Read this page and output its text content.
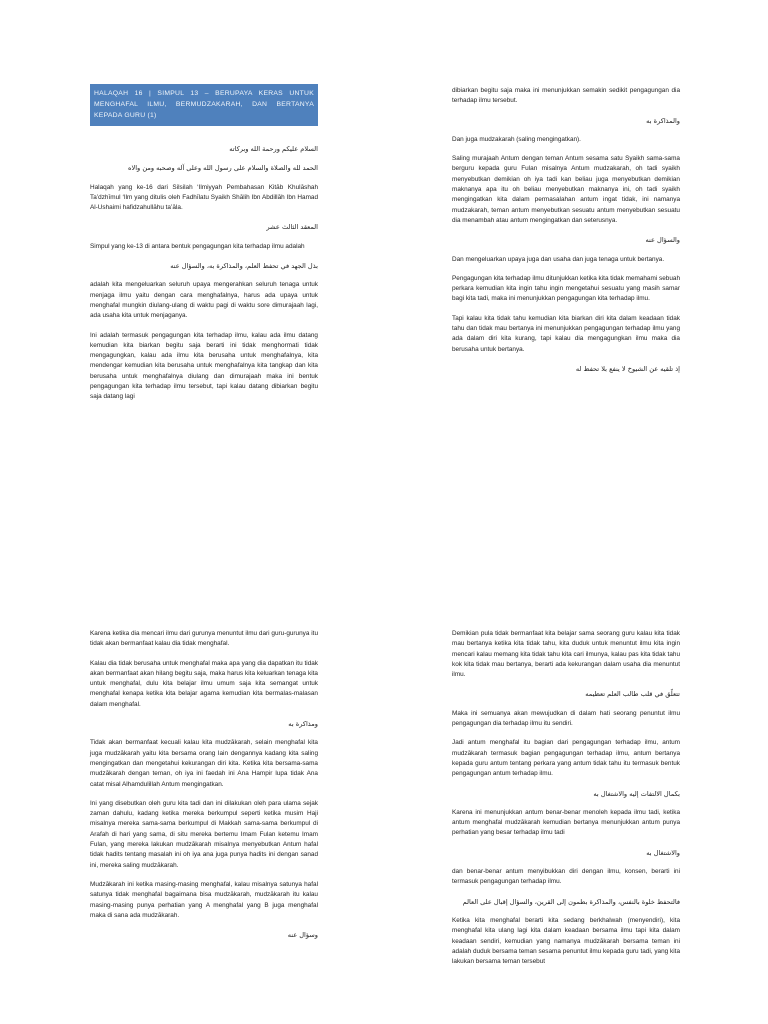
HALAQAH 16 | SIMPUL 13 – BERUPAYA KERAS UNTUK MENGHAFAL ILMU, BERMUDZAKARAH, DAN BERTANYA KEPADA GURU (1)

السلام عليكم ورحمة الله وبركاته

الحمد لله والصلاة والسلام على رسول الله وعلى آله وصحبه ومن والاه

Halaqah yang ke-16 dari Silsilah ‘Ilmiyyah Pembahasan Kitāb Khulāshah Ta’dzhīmul ‘Ilm yang ditulis oleh Fadhīlatu Syaikh Shālih Ibn Abdillāh Ibn Hamad Al-Ushaimi hafidzahullāhu ta’āla.

المعقد الثالث عشر

Simpul yang ke-13 di antara bentuk pengagungan kita terhadap ilmu adalah

بذل الجهد في تحفظ العلم، والمذاكرة به، والسؤال عنه

adalah kita mengeluarkan seluruh upaya mengerahkan seluruh tenaga untuk menjaga ilmu yaitu dengan cara menghafalnya, harus ada upaya untuk menghafal mungkin diulang-ulang di waktu pagi di waktu sore dimurajaah lagi, ada usaha kita untuk menjaganya.

Ini adalah termasuk pengagungan kita terhadap ilmu, kalau ada ilmu datang kemudian kita biarkan begitu saja berarti ini tidak menghormati tidak mengagungkan, kalau ada ilmu kita berusaha untuk menghafalnya, kita mendengar kemudian kita berusaha untuk menghafalnya kita tangkap dan kita berusaha untuk menghafalnya diulang dan dimurajaah maka ini bentuk pengagungan kita terhadap ilmu tersebut, tapi kalau datang dibiarkan begitu saja datang lagi

dibiarkan begitu saja maka ini menunjukkan semakin sedikit pengagungan dia terhadap ilmu tersebut.

والمذاكرة به

Dan juga mudzakarah (saling mengingatkan).

Saling murajaah Antum dengan teman Antum sesama satu Syaikh sama-sama berguru kepada guru Fulan misalnya Antum mudzakarah, oh tadi syaikh menyebutkan demikian oh iya tadi kan beliau juga menyebutkan demikian maknanya apa itu oh beliau menyebutkan maknanya ini, oh tadi syaikh mengingatkan kita dalam permasalahan antum ingat tidak, ini namanya mudzakarah, teman antum menyebutkan sesuatu antum menyebutkan sesuatu dia menambah atau antum mengingatkan dan seterusnya.

والسؤال عنه

Dan mengeluarkan upaya juga dan usaha dan juga tenaga untuk bertanya.

Pengagungan kita terhadap ilmu ditunjukkan ketika kita tidak memahami sebuah perkara kemudian kita ingin tahu ingin mengetahui sesuatu yang masih samar bagi kita tadi, maka ini menunjukkan pengagungan kita terhadap ilmu.

Tapi kalau kita tidak tahu kemudian kita biarkan diri kita dalam keadaan tidak tahu dan tidak mau bertanya ini menunjukkan pengagungan terhadap ilmu yang ada dalam diri kita kurang, tapi kalau dia mengagungkan ilmu maka dia berusaha untuk bertanya.

إذ تلقيه عن الشيوخ لا ينفع بلا تحفظ له

Karena ketika dia mencari ilmu dari gurunya menuntut ilmu dari guru-gurunya itu tidak akan bermanfaat kalau dia tidak menghafal.

Kalau dia tidak berusaha untuk menghafal maka apa yang dia dapatkan itu tidak akan bermanfaat akan hilang begitu saja, maka harus kita keluarkan tenaga kita untuk menghafal, dulu kita belajar ilmu umum saja kita semangat untuk menghafal kenapa ketika kita belajar agama kemudian kita bermalas-malasan dalam menghafal.

ومذاكرة به

Tidak akan bermanfaat kecuali kalau kita mudzākarah, selain menghafal kita juga mudzākarah yaitu kita bersama orang lain dengannya kadang kita saling mengingatkan dan mengetahui kekurangan diri kita. Ketika kita bersama-sama mudzākarah dengan teman, oh iya ini faedah ini Ana Hampir lupa tidak Ana catat misal Alhamdulillah Antum mengingatkan.

Ini yang disebutkan oleh guru kita tadi dan ini dilakukan oleh para ulama sejak zaman dahulu, kadang ketika mereka berkumpul seperti ketika musim Haji misalnya mereka sama-sama berkumpul di Makkah sama-sama berkumpul di Arafah di hari yang sama, di situ mereka bertemu Imam Fulan ketemu Imam Fulan, yang mereka lakukan mudzākarah misalnya menyebutkan Antum hafal tidak hadits tentang masalah ini oh iya ana juga punya hadits ini dengan sanad ini, mereka saling mudzākarah.

Mudzākarah ini ketika masing-masing menghafal, kalau misalnya satunya hafal satunya tidak menghafal bagaimana bisa mudzākarah, mudzākarah itu kalau masing-masing punya perhatian yang A menghafal yang B juga menghafal maka di sana ada mudzākarah.

وسؤال عنه

Demikian pula tidak bermanfaat kita belajar sama seorang guru kalau kita tidak mau bertanya ketika kita tidak tahu, kita duduk untuk menuntut ilmu kita ingin mencari kalau memang kita tidak tahu kita cari ilmunya, kalau pas kita tidak tahu kok kita tidak mau bertanya, berarti ada kekurangan dalam usaha dia menuntut ilmu.

تتعلّق في قلب طالب العلم تعظيمه

Maka ini semuanya akan mewujudkan di dalam hati seorang penuntut ilmu pengagungan dia terhadap ilmu itu sendiri.

Jadi antum menghafal itu bagian dari pengagungan terhadap ilmu, antum mudzākarah termasuk bagian pengagungan terhadap ilmu, antum bertanya kepada guru antum tentang perkara yang antum tidak tahu itu termasuk bentuk pengagungan antum terhadap ilmu.

بكمال الالتفات إليه والاشتغال به

Karena ini menunjukkan antum benar-benar menoleh kepada ilmu tadi, ketika antum menghafal mudzākarah kemudian bertanya menunjukkan antum punya perhatian yang besar terhadap ilmu tadi

والاشتغال به

dan benar-benar antum menyibukkan diri dengan ilmu, konsen, berarti ini termasuk pengagungan terhadap ilmu.

فالتحفظ خلوة بالنفس، والمذاكرة بطمون إلى القرين، والسؤال إقبال على العالم

Ketika kita menghafal berarti kita sedang berkhalwah (menyendiri), kita menghafal kita ulang lagi kita dalam keadaan bersama ilmu tapi kita dalam keadaan sendiri, kemudian yang namanya mudzākarah bersama teman ini adalah duduk bersama teman sesama penuntut ilmu kepada guru tadi, yang kita lakukan bersama teman tersebut
